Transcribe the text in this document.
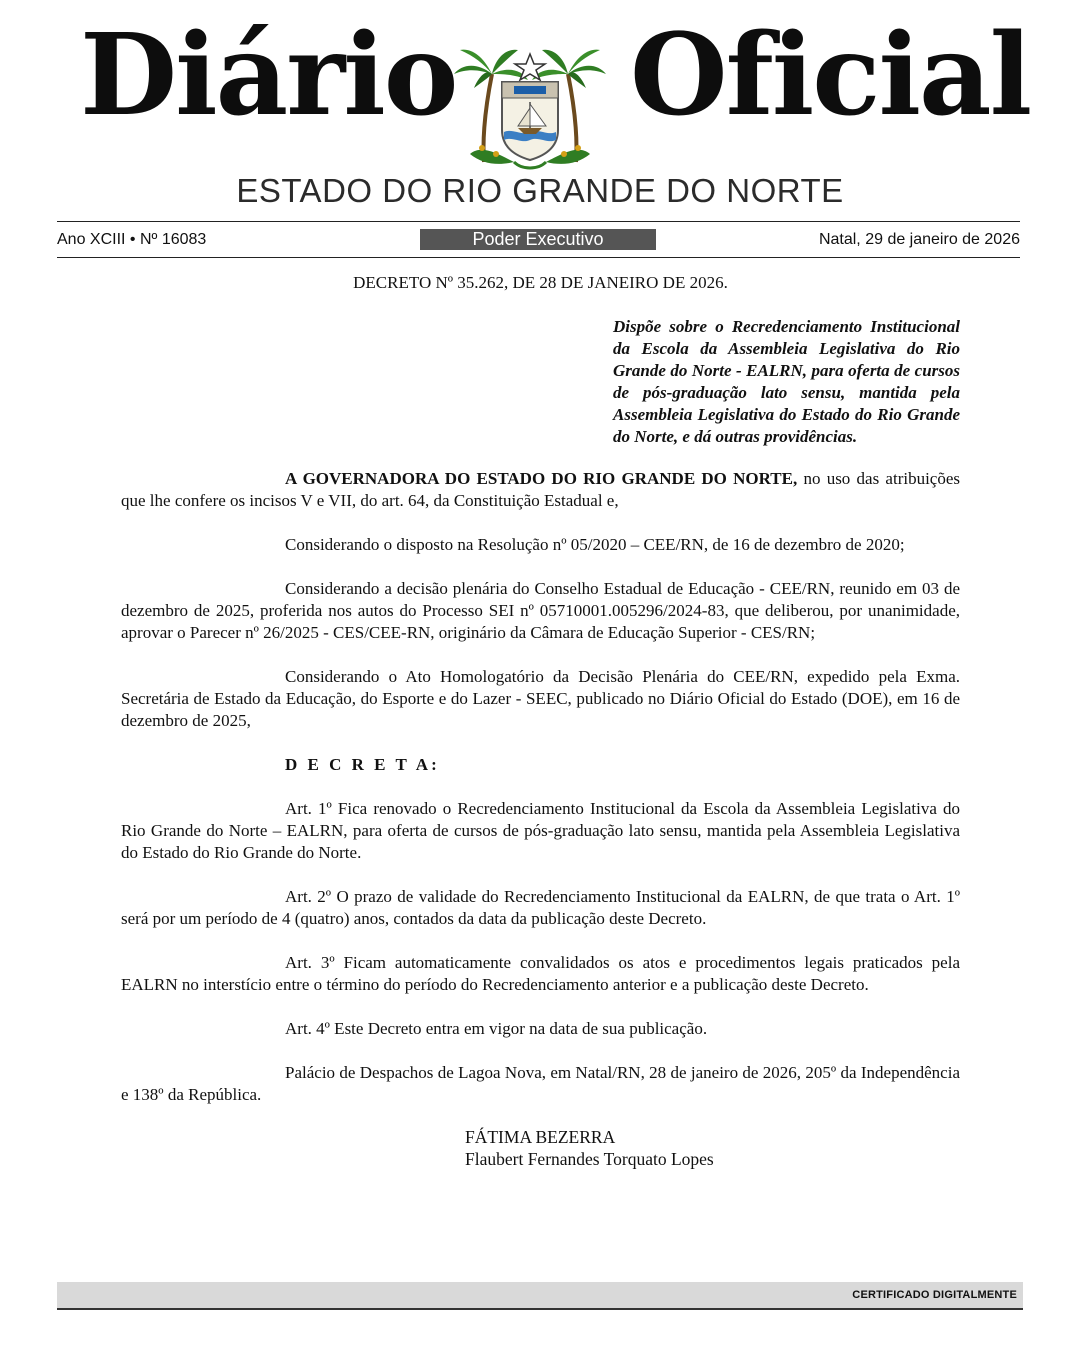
Diário Oficial
ESTADO DO RIO GRANDE DO NORTE
Ano XCIII • Nº 16083	Poder Executivo	Natal, 29 de janeiro de 2026

DECRETO Nº 35.262, DE 28 DE JANEIRO DE 2026.

Dispõe sobre o Recredenciamento Institucional da Escola da Assembleia Legislativa do Rio Grande do Norte - EALRN, para oferta de cursos de pós-graduação lato sensu, mantida pela Assembleia Legislativa do Estado do Rio Grande do Norte, e dá outras providências.

A GOVERNADORA DO ESTADO DO RIO GRANDE DO NORTE, no uso das atribuições que lhe confere os incisos V e VII, do art. 64, da Constituição Estadual e,

Considerando o disposto na Resolução nº 05/2020 – CEE/RN, de 16 de dezembro de 2020;

Considerando a decisão plenária do Conselho Estadual de Educação - CEE/RN, reunido em 03 de dezembro de 2025, proferida nos autos do Processo SEI nº 05710001.005296/2024-83, que deliberou, por unanimidade, aprovar o Parecer nº 26/2025 - CES/CEE-RN, originário da Câmara de Educação Superior - CES/RN;

Considerando o Ato Homologatório da Decisão Plenária do CEE/RN, expedido pela Exma. Secretária de Estado da Educação, do Esporte e do Lazer - SEEC, publicado no Diário Oficial do Estado (DOE), em 16 de dezembro de 2025,

D E C R E T A:

Art. 1º Fica renovado o Recredenciamento Institucional da Escola da Assembleia Legislativa do Rio Grande do Norte – EALRN, para oferta de cursos de pós-graduação lato sensu, mantida pela Assembleia Legislativa do Estado do Rio Grande do Norte.

Art. 2º O prazo de validade do Recredenciamento Institucional da EALRN, de que trata o Art. 1º será por um período de 4 (quatro) anos, contados da data da publicação deste Decreto.

Art. 3º Ficam automaticamente convalidados os atos e procedimentos legais praticados pela EALRN no interstício entre o término do período do Recredenciamento anterior e a publicação deste Decreto.

Art. 4º Este Decreto entra em vigor na data de sua publicação.

Palácio de Despachos de Lagoa Nova, em Natal/RN, 28 de janeiro de 2026, 205º da Independência e 138º da República.

FÁTIMA BEZERRA
Flaubert Fernandes Torquato Lopes
CERTIFICADO DIGITALMENTE
